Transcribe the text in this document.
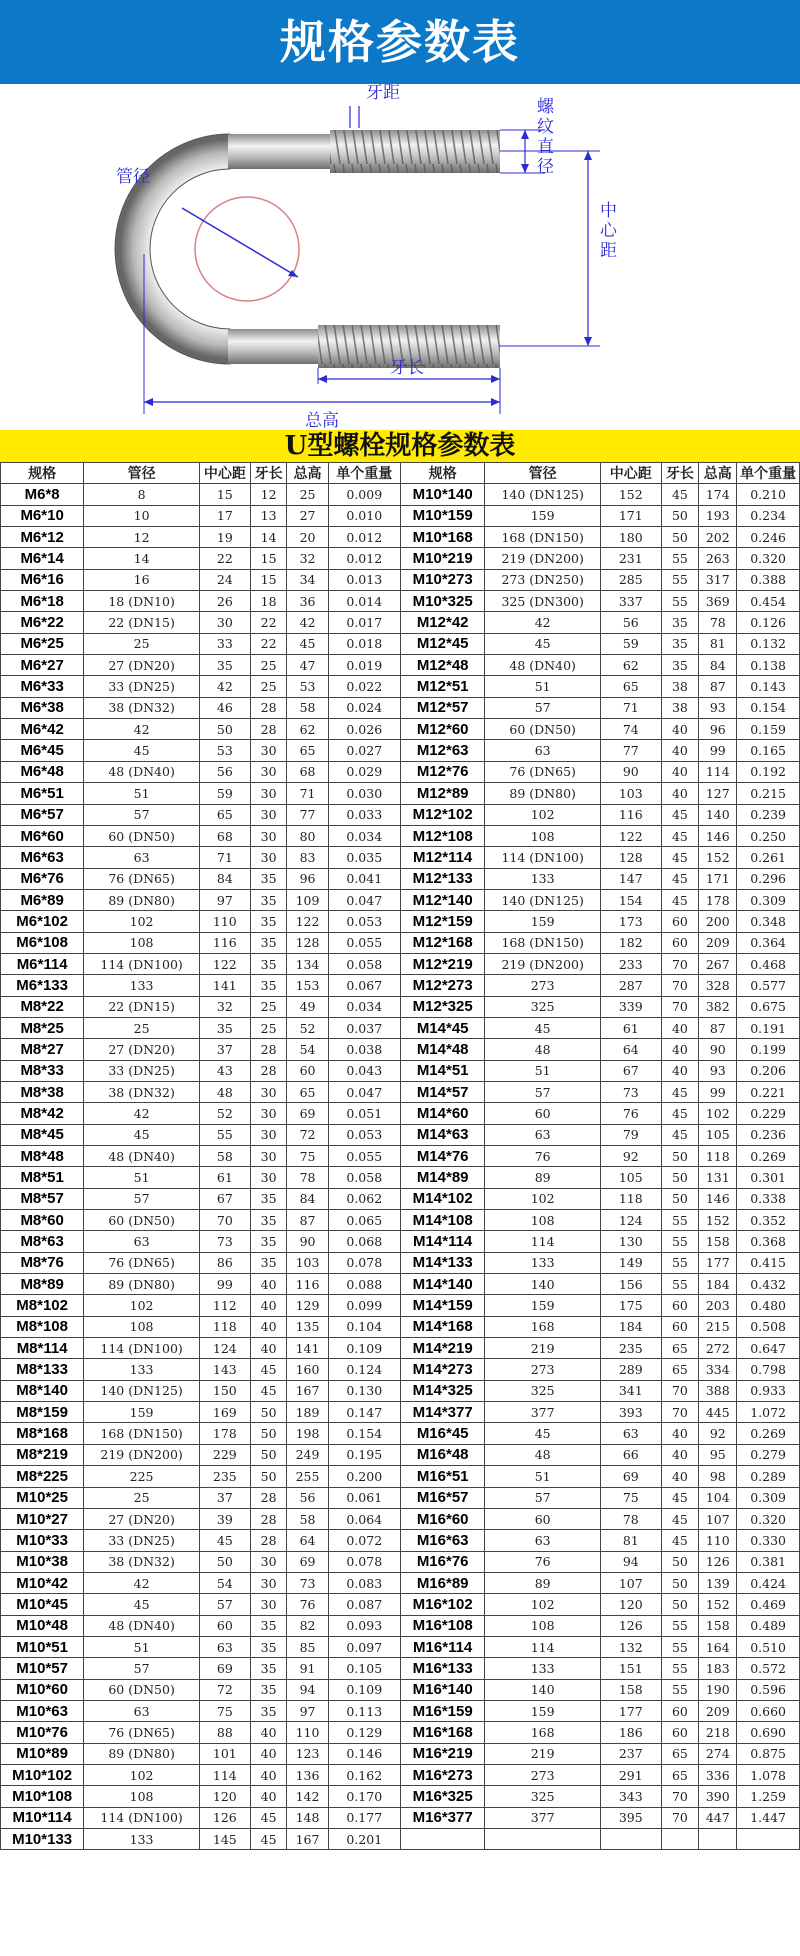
规格参数表
牙距
管径
螺
纹
直
径
中
心
距
牙长
总高
U型螺栓规格参数表
规格	管径	中心距	牙长	总高	单个重量	规格	管径	中心距	牙长	总高	单个重量
M6*8	8	15	12	25	0.009	M10*140	140 (DN125)	152	45	174	0.210
M6*10	10	17	13	27	0.010	M10*159	159	171	50	193	0.234
M6*12	12	19	14	20	0.012	M10*168	168 (DN150)	180	50	202	0.246
M6*14	14	22	15	32	0.012	M10*219	219 (DN200)	231	55	263	0.320
M6*16	16	24	15	34	0.013	M10*273	273 (DN250)	285	55	317	0.388
M6*18	18 (DN10)	26	18	36	0.014	M10*325	325 (DN300)	337	55	369	0.454
M6*22	22 (DN15)	30	22	42	0.017	M12*42	42	56	35	78	0.126
M6*25	25	33	22	45	0.018	M12*45	45	59	35	81	0.132
M6*27	27 (DN20)	35	25	47	0.019	M12*48	48 (DN40)	62	35	84	0.138
M6*33	33 (DN25)	42	25	53	0.022	M12*51	51	65	38	87	0.143
M6*38	38 (DN32)	46	28	58	0.024	M12*57	57	71	38	93	0.154
M6*42	42	50	28	62	0.026	M12*60	60 (DN50)	74	40	96	0.159
M6*45	45	53	30	65	0.027	M12*63	63	77	40	99	0.165
M6*48	48 (DN40)	56	30	68	0.029	M12*76	76 (DN65)	90	40	114	0.192
M6*51	51	59	30	71	0.030	M12*89	89 (DN80)	103	40	127	0.215
M6*57	57	65	30	77	0.033	M12*102	102	116	45	140	0.239
M6*60	60 (DN50)	68	30	80	0.034	M12*108	108	122	45	146	0.250
M6*63	63	71	30	83	0.035	M12*114	114 (DN100)	128	45	152	0.261
M6*76	76 (DN65)	84	35	96	0.041	M12*133	133	147	45	171	0.296
M6*89	89 (DN80)	97	35	109	0.047	M12*140	140 (DN125)	154	45	178	0.309
M6*102	102	110	35	122	0.053	M12*159	159	173	60	200	0.348
M6*108	108	116	35	128	0.055	M12*168	168 (DN150)	182	60	209	0.364
M6*114	114 (DN100)	122	35	134	0.058	M12*219	219 (DN200)	233	70	267	0.468
M6*133	133	141	35	153	0.067	M12*273	273	287	70	328	0.577
M8*22	22 (DN15)	32	25	49	0.034	M12*325	325	339	70	382	0.675
M8*25	25	35	25	52	0.037	M14*45	45	61	40	87	0.191
M8*27	27 (DN20)	37	28	54	0.038	M14*48	48	64	40	90	0.199
M8*33	33 (DN25)	43	28	60	0.043	M14*51	51	67	40	93	0.206
M8*38	38 (DN32)	48	30	65	0.047	M14*57	57	73	45	99	0.221
M8*42	42	52	30	69	0.051	M14*60	60	76	45	102	0.229
M8*45	45	55	30	72	0.053	M14*63	63	79	45	105	0.236
M8*48	48 (DN40)	58	30	75	0.055	M14*76	76	92	50	118	0.269
M8*51	51	61	30	78	0.058	M14*89	89	105	50	131	0.301
M8*57	57	67	35	84	0.062	M14*102	102	118	50	146	0.338
M8*60	60 (DN50)	70	35	87	0.065	M14*108	108	124	55	152	0.352
M8*63	63	73	35	90	0.068	M14*114	114	130	55	158	0.368
M8*76	76 (DN65)	86	35	103	0.078	M14*133	133	149	55	177	0.415
M8*89	89 (DN80)	99	40	116	0.088	M14*140	140	156	55	184	0.432
M8*102	102	112	40	129	0.099	M14*159	159	175	60	203	0.480
M8*108	108	118	40	135	0.104	M14*168	168	184	60	215	0.508
M8*114	114 (DN100)	124	40	141	0.109	M14*219	219	235	65	272	0.647
M8*133	133	143	45	160	0.124	M14*273	273	289	65	334	0.798
M8*140	140 (DN125)	150	45	167	0.130	M14*325	325	341	70	388	0.933
M8*159	159	169	50	189	0.147	M14*377	377	393	70	445	1.072
M8*168	168 (DN150)	178	50	198	0.154	M16*45	45	63	40	92	0.269
M8*219	219 (DN200)	229	50	249	0.195	M16*48	48	66	40	95	0.279
M8*225	225	235	50	255	0.200	M16*51	51	69	40	98	0.289
M10*25	25	37	28	56	0.061	M16*57	57	75	45	104	0.309
M10*27	27 (DN20)	39	28	58	0.064	M16*60	60	78	45	107	0.320
M10*33	33 (DN25)	45	28	64	0.072	M16*63	63	81	45	110	0.330
M10*38	38 (DN32)	50	30	69	0.078	M16*76	76	94	50	126	0.381
M10*42	42	54	30	73	0.083	M16*89	89	107	50	139	0.424
M10*45	45	57	30	76	0.087	M16*102	102	120	50	152	0.469
M10*48	48 (DN40)	60	35	82	0.093	M16*108	108	126	55	158	0.489
M10*51	51	63	35	85	0.097	M16*114	114	132	55	164	0.510
M10*57	57	69	35	91	0.105	M16*133	133	151	55	183	0.572
M10*60	60 (DN50)	72	35	94	0.109	M16*140	140	158	55	190	0.596
M10*63	63	75	35	97	0.113	M16*159	159	177	60	209	0.660
M10*76	76 (DN65)	88	40	110	0.129	M16*168	168	186	60	218	0.690
M10*89	89 (DN80)	101	40	123	0.146	M16*219	219	237	65	274	0.875
M10*102	102	114	40	136	0.162	M16*273	273	291	65	336	1.078
M10*108	108	120	40	142	0.170	M16*325	325	343	70	390	1.259
M10*114	114 (DN100)	126	45	148	0.177	M16*377	377	395	70	447	1.447
M10*133	133	145	45	167	0.201						
